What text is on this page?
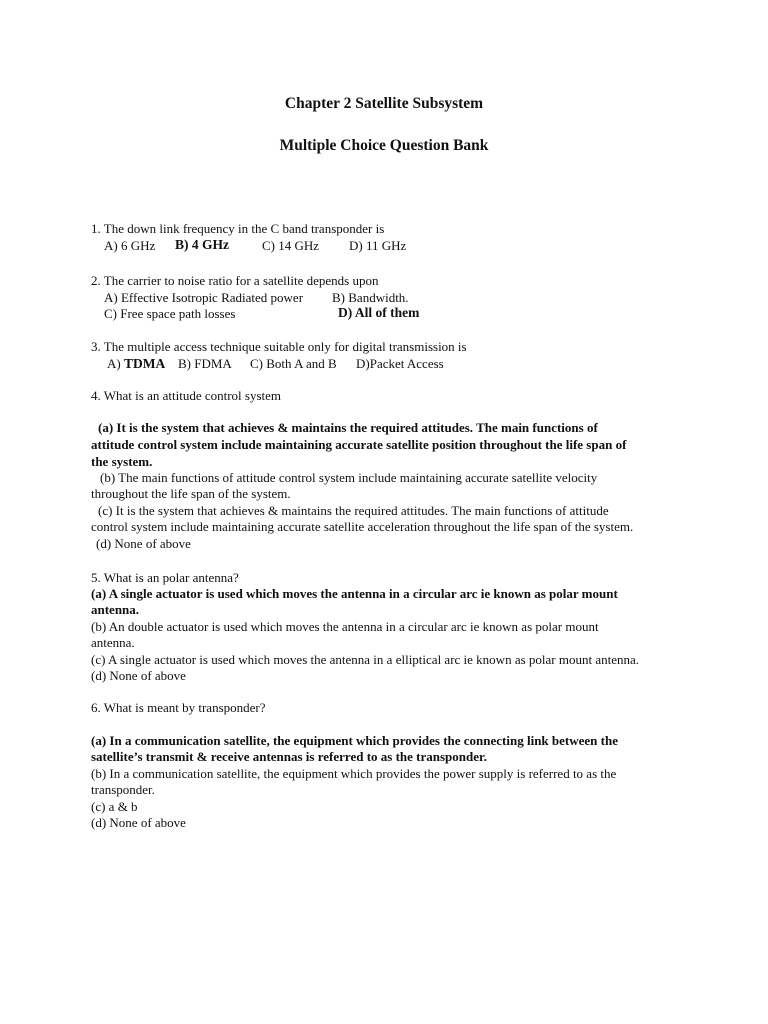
Chapter 2 Satellite Subsystem
Multiple Choice Question Bank

1. The down link frequency in the C band transponder is

A) 6 GHz B) 4 GHz	C) 14 GHz D) 11 GHz

2. The carrier to noise ratio for a satellite depends upon

A) Effective Isotropic Radiated power B) Bandwidth.

C) Free space path losses	D) All of them

3. The multiple access technique suitable only for digital transmission is

A) TDMA B) FDMA C) Both A and B D)Packet Access

4. What is an attitude control system

(a) It is the system that achieves & maintains the required attitudes. The main functions of

attitude control system include maintaining accurate satellite position throughout the life span of

the system.

(b) The main functions of attitude control system include maintaining accurate satellite velocity

throughout the life span of the system.

(c) It is the system that achieves & maintains the required attitudes. The main functions of attitude

control system include maintaining accurate satellite acceleration throughout the life span of the system.

(d) None of above

5. What is an polar antenna?

(a) A single actuator is used which moves the antenna in a circular arc ie known as polar mount

antenna.

(b) An double actuator is used which moves the antenna in a circular arc ie known as polar mount

antenna.

(c) A single actuator is used which moves the antenna in a elliptical arc ie known as polar mount antenna.

(d) None of above

6. What is meant by transponder?

(a) In a communication satellite, the equipment which provides the connecting link between the

satellite’s transmit & receive antennas is referred to as the transponder.

(b) In a communication satellite, the equipment which provides the power supply is referred to as the

transponder.

(c) a & b

(d) None of above
